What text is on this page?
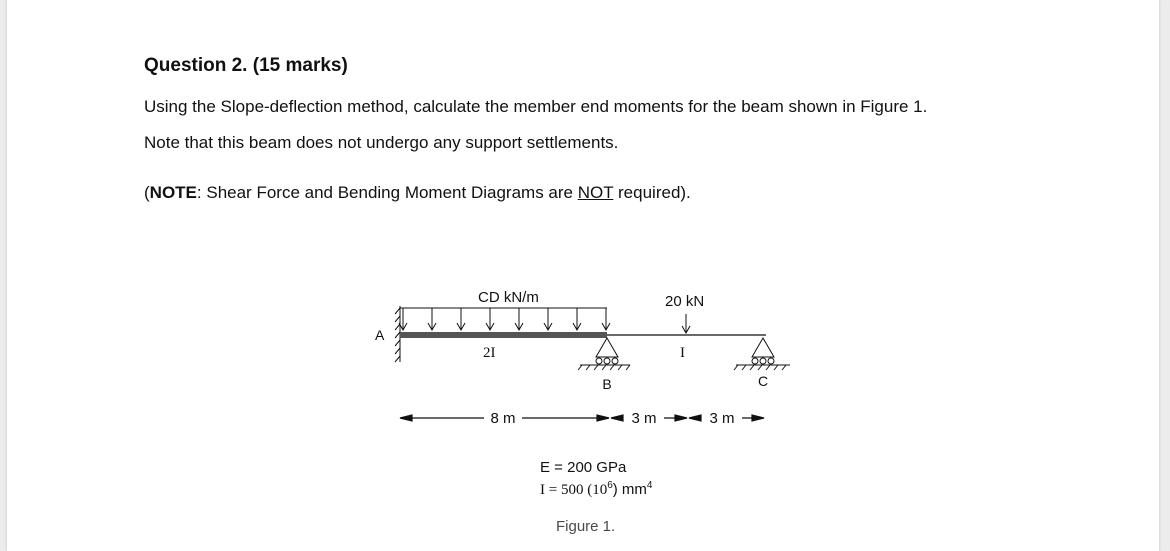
Question 2. (15 marks)

Using the Slope-deflection method, calculate the member end moments for the beam shown in Figure 1.

Note that this beam does not undergo any support settlements.

(NOTE: Shear Force and Bending Moment Diagrams are NOT required).

A
CD kN/m	20 kN
2I	I
B	C
8 m	3 m	3 m
E = 200 GPa
I = 500 $(10^6)$ $mm^4$
Figure 1.
